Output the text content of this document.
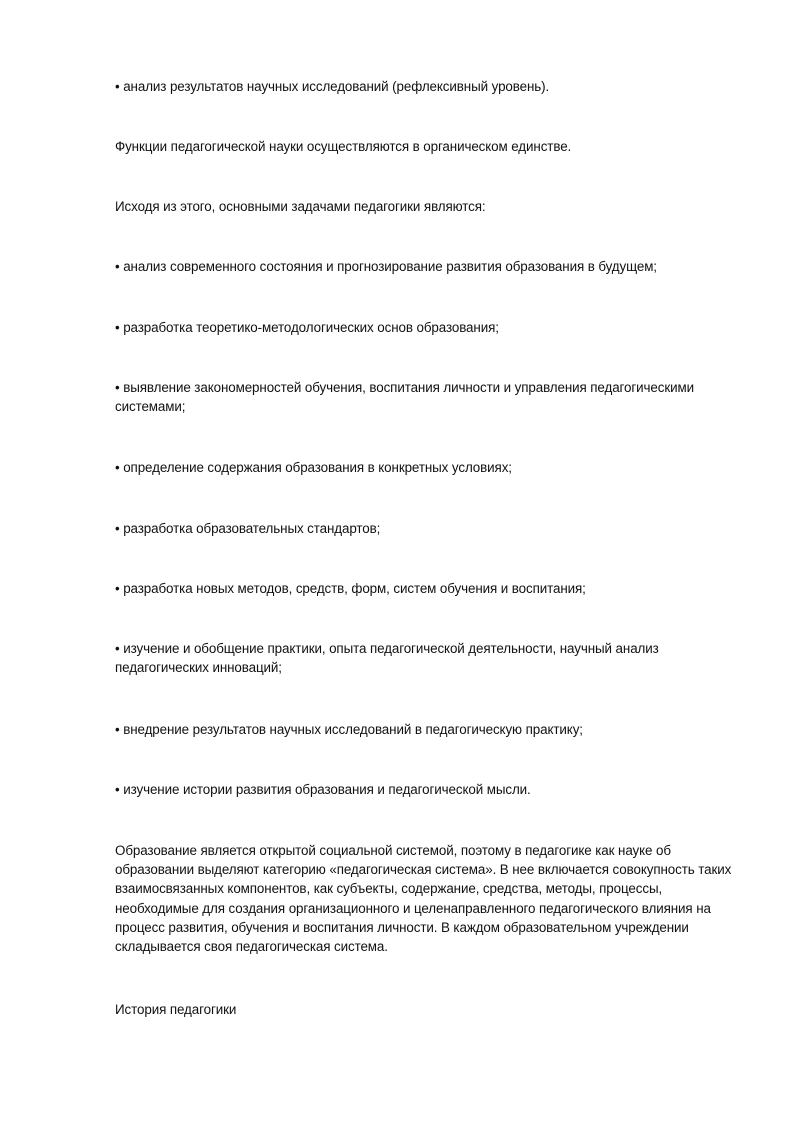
• анализ результатов научных исследований (рефлексивный уровень).

Функции педагогической науки осуществляются в органическом единстве.

Исходя из этого, основными задачами педагогики являются:

• анализ современного состояния и прогнозирование развития образования в будущем;

• разработка теоретико-методологических основ образования;

• выявление закономерностей обучения, воспитания личности и управления педагогическими системами;

• определение содержания образования в конкретных условиях;

• разработка образовательных стандартов;

• разработка новых методов, средств, форм, систем обучения и воспитания;

• изучение и обобщение практики, опыта педагогической деятельности, научный анализ педагогических инноваций;

• внедрение результатов научных исследований в педагогическую практику;

• изучение истории развития образования и педагогической мысли.

Образование является открытой социальной системой, поэтому в педагогике как науке об образовании выделяют категорию «педагогическая система». В нее включается совокупность таких взаимосвязанных компонентов, как субъекты, содержание, средства, методы, процессы, необходимые для создания организационного и целенаправленного педагогического влияния на процесс развития, обучения и воспитания личности. В каждом образовательном учреждении складывается своя педагогическая система.

История педагогики
